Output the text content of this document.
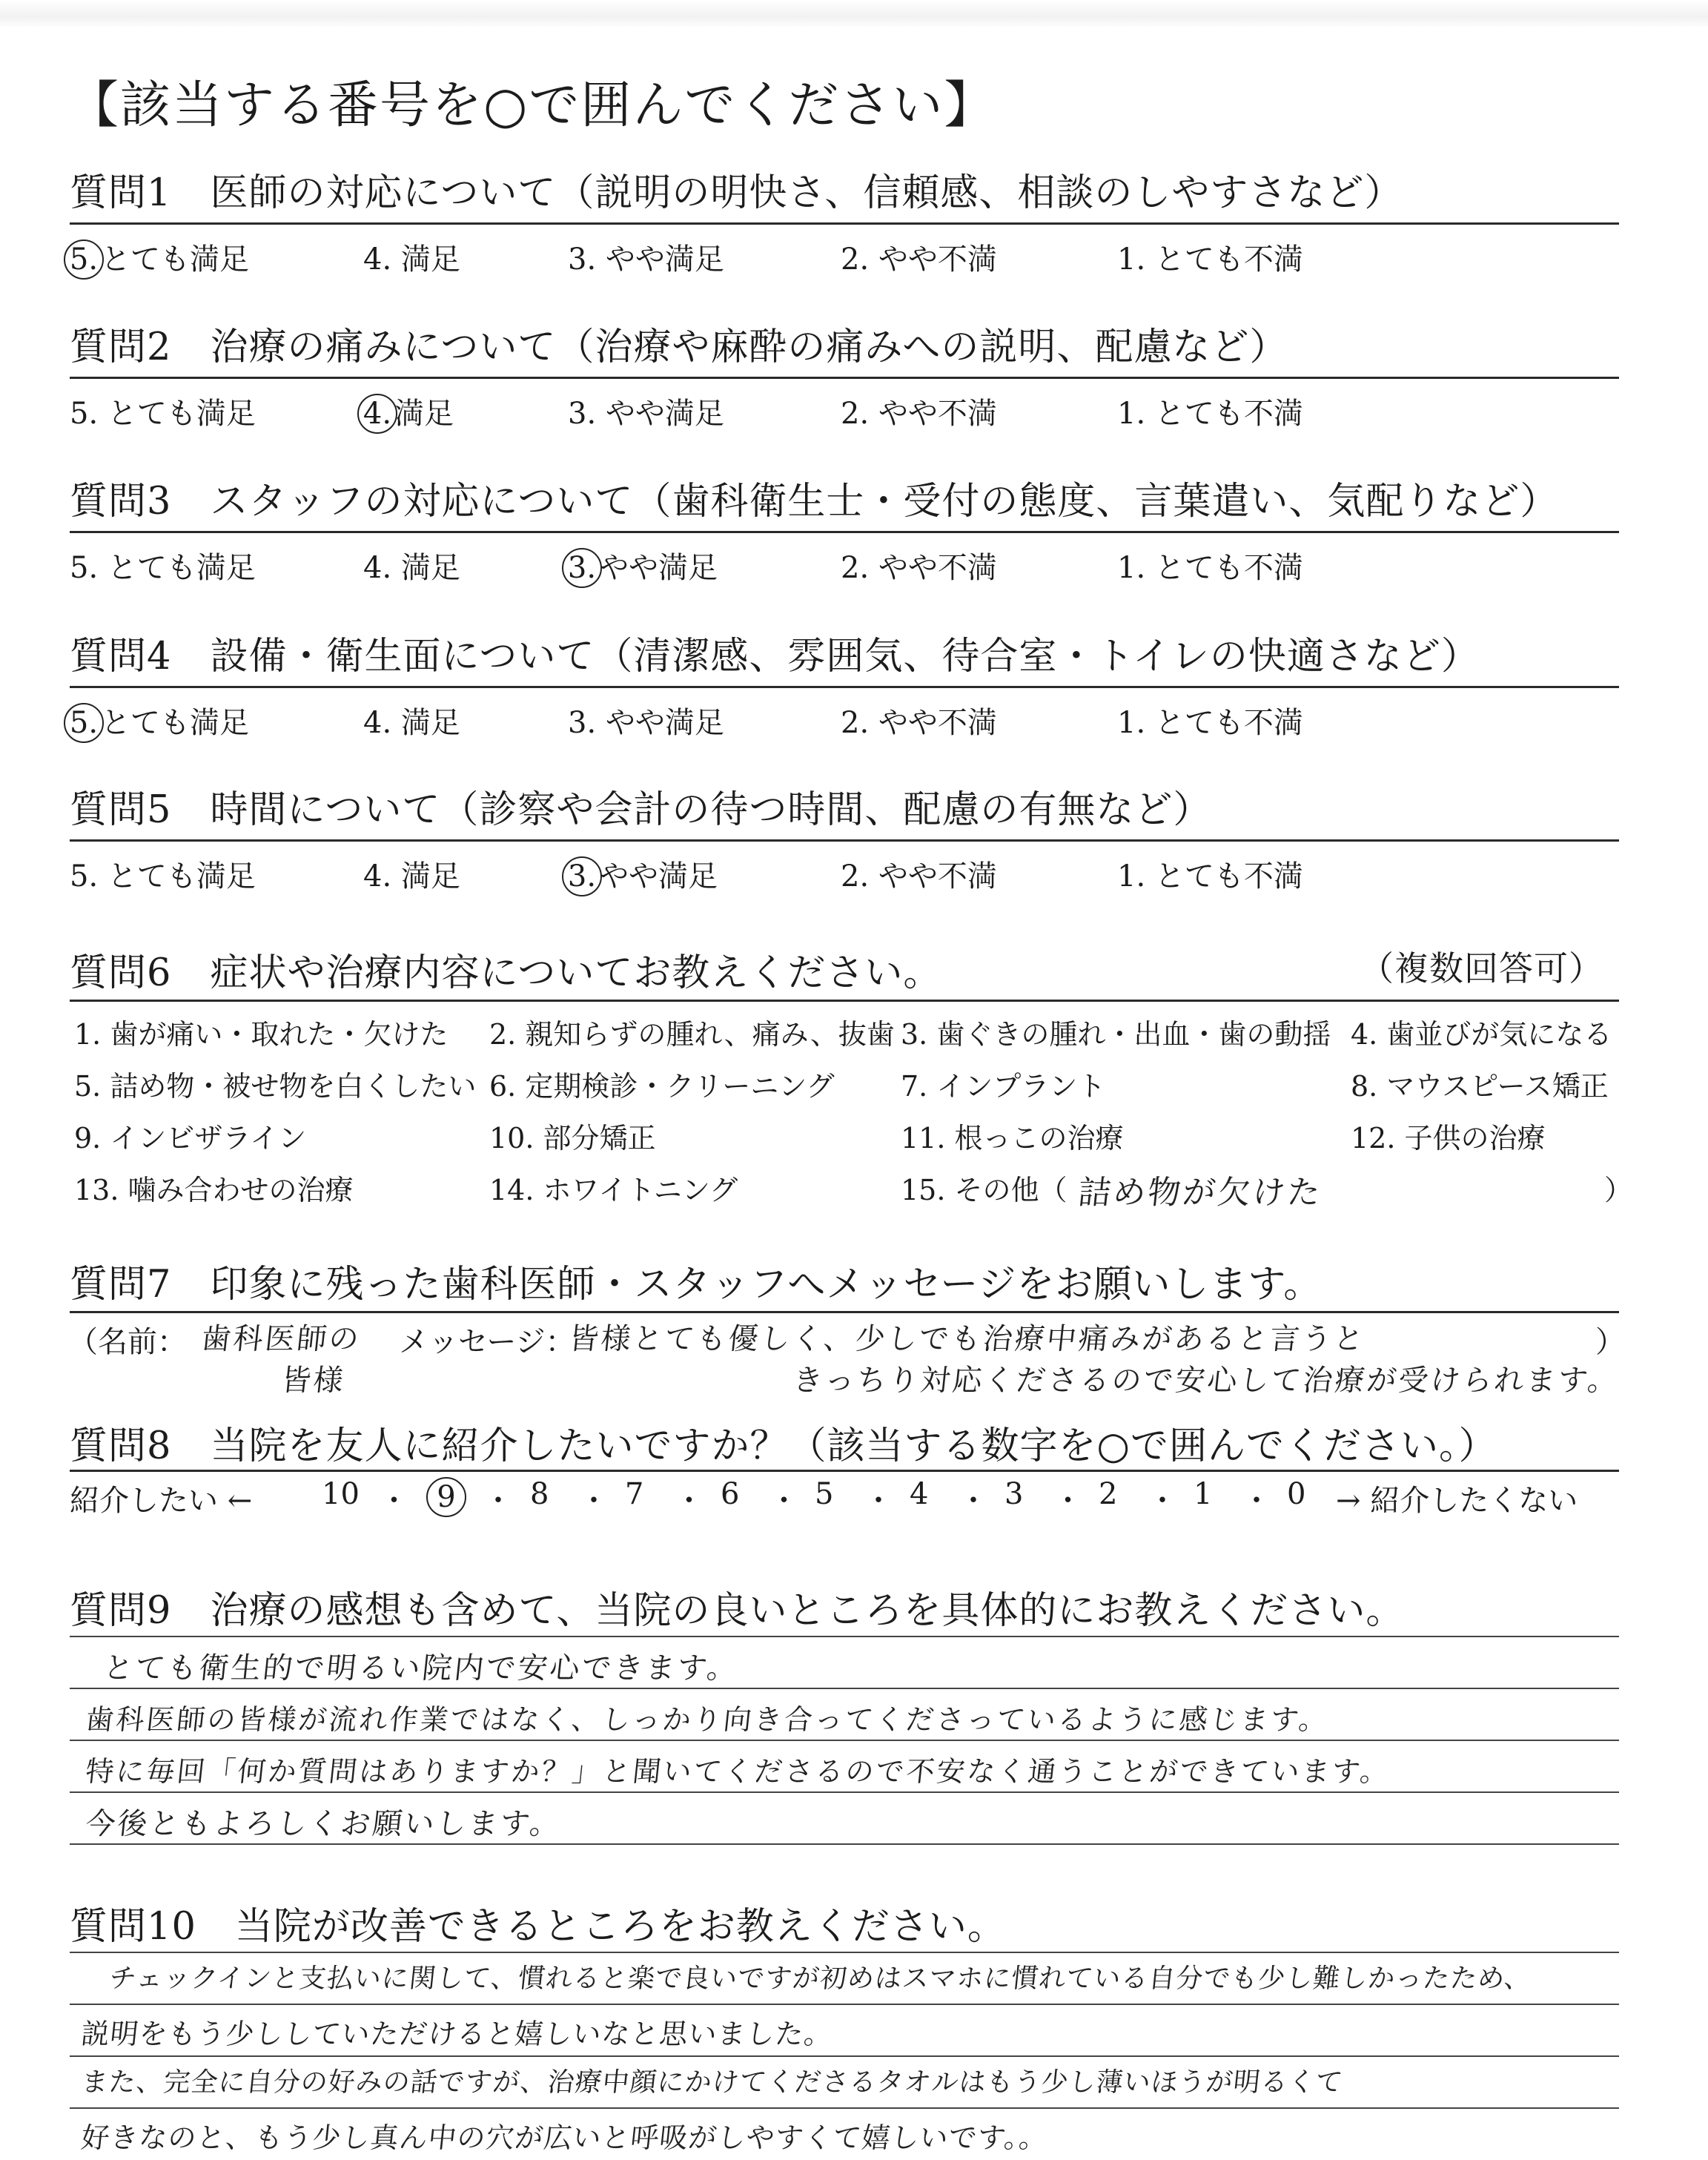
【該当する番号を○で囲んでください】
質問1　医師の対応について（説明の明快さ、信頼感、相談のしやすさなど）
5.とても満足	4. 満足	3. やや満足	2. やや不満	1. とても不満
質問2　治療の痛みについて（治療や麻酔の痛みへの説明、配慮など）
5. とても満足	4.満足	3. やや満足	2. やや不満	1. とても不満
質問3　スタッフの対応について（歯科衛生士・受付の態度、言葉遣い、気配りなど）
5. とても満足	4. 満足	3.やや満足	2. やや不満	1. とても不満
質問4　設備・衛生面について（清潔感、雰囲気、待合室・トイレの快適さなど）
5.とても満足	4. 満足	3. やや満足	2. やや不満	1. とても不満
質問5　時間について（診察や会計の待つ時間、配慮の有無など）
5. とても満足	4. 満足	3.やや満足	2. やや不満	1. とても不満
質問6　症状や治療内容についてお教えください。	（複数回答可）
1. 歯が痛い・取れた・欠けた 2. 親知らずの腫れ、痛み、抜歯 3. 歯ぐきの腫れ・出血・歯の動揺 4. 歯並びが気になる
5. 詰め物・被せ物を白くしたい 6. 定期検診・クリーニング 7. インプラント	8. マウスピース矯正
9. インビザライン	10. 部分矯正	11. 根っこの治療	12. 子供の治療
13. 噛み合わせの治療	14. ホワイトニング	15. その他（	）
詰め物が欠けた
質問7　印象に残った歯科医師・スタッフへメッセージをお願いします。
（名前： 歯科医師の
皆様
メッセージ：
皆様とても優しく、少しでも治療中痛みがあると言うと
きっちり対応くださるので安心して治療が受けられます。
）
質問8　当院を友人に紹介したいですか？（該当する数字を○で囲んでください。）
紹介したい ← 10 ・ 9 ・ 8 ・ 7 ・ 6 ・ 5 ・ 4 ・ 3 ・ 2 ・ 1 ・ 0 → 紹介したくない
質問9　治療の感想も含めて、当院の良いところを具体的にお教えください。
とても衛生的で明るい院内で安心できます。
歯科医師の皆様が流れ作業ではなく、しっかり向き合ってくださっているように感じます。
特に毎回「何か質問はありますか？」と聞いてくださるので不安なく通うことができています。
今後ともよろしくお願いします。
質問10　当院が改善できるところをお教えください。
チェックインと支払いに関して、慣れると楽で良いですが初めはスマホに慣れている自分でも少し難しかったため、
説明をもう少ししていただけると嬉しいなと思いました。
また、完全に自分の好みの話ですが、治療中顔にかけてくださるタオルはもう少し薄いほうが明るくて
好きなのと、もう少し真ん中の穴が広いと呼吸がしやすくて嬉しいです。。
